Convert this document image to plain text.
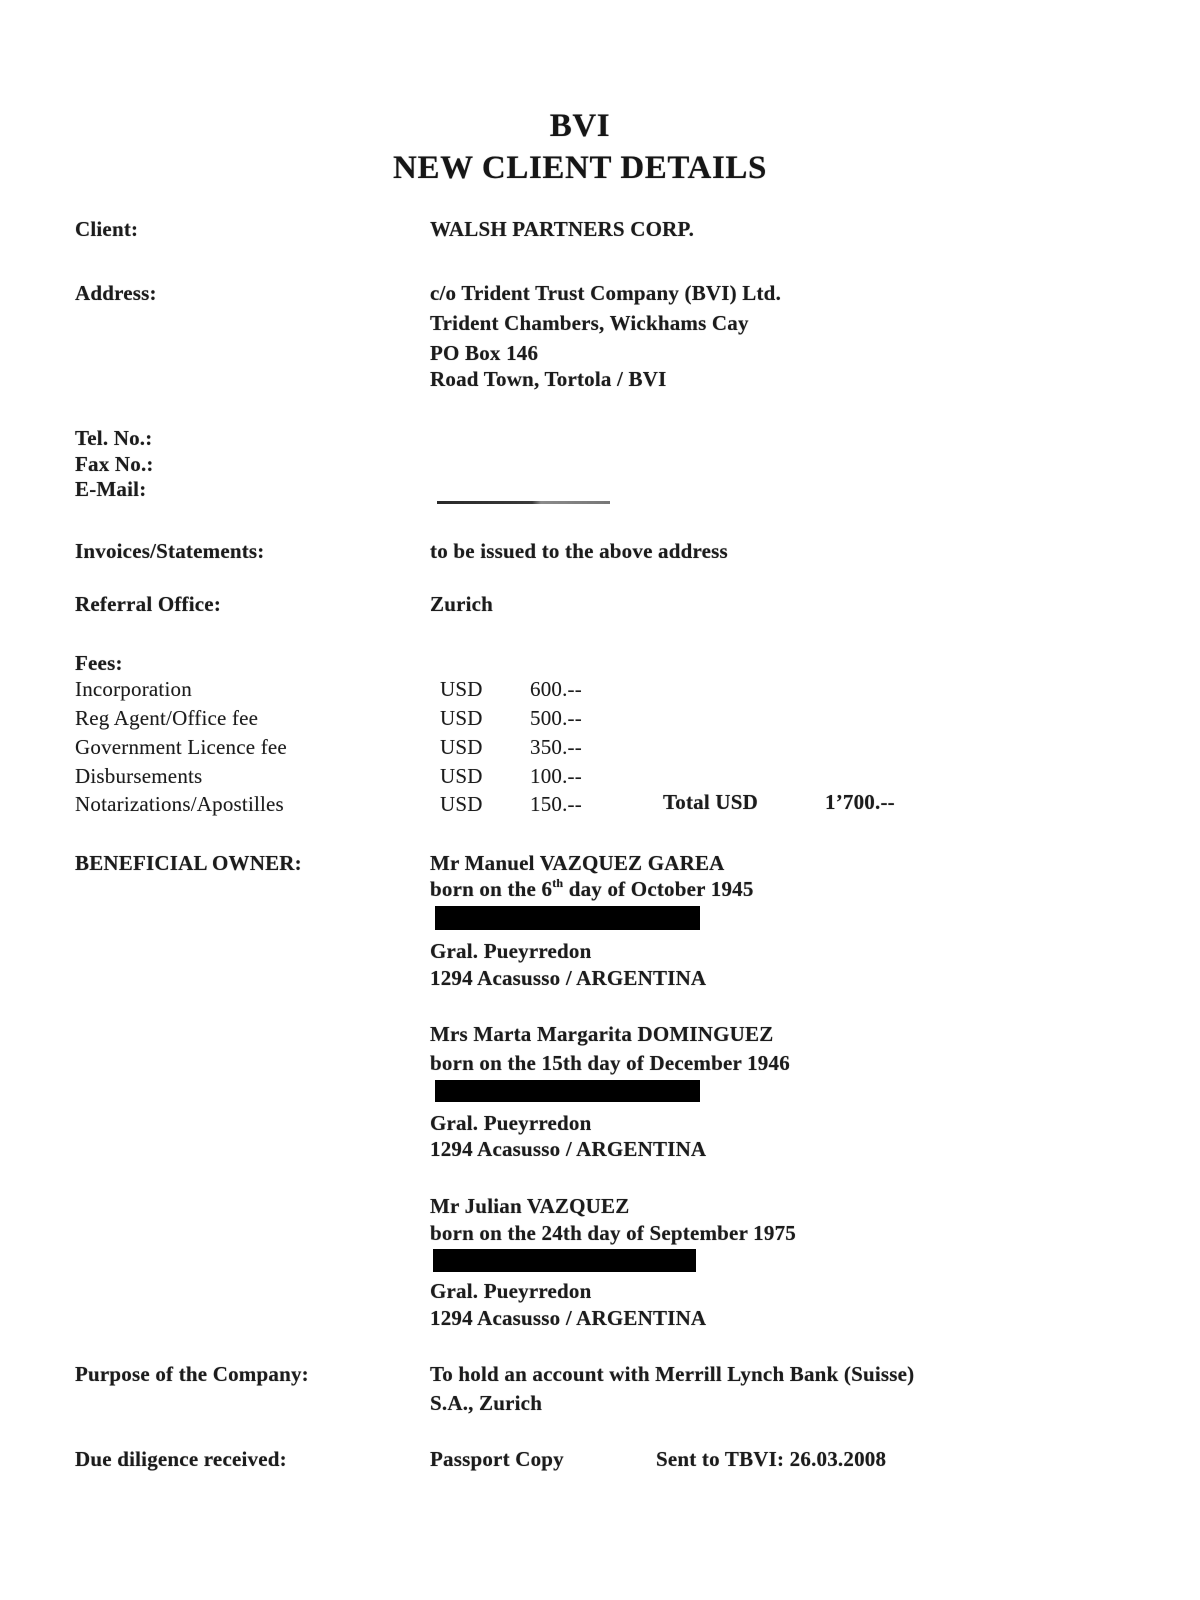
BVI
NEW CLIENT DETAILS
Client:	WALSH PARTNERS CORP.
Address:	c/o Trident Trust Company (BVI) Ltd.
Trident Chambers, Wickhams Cay
PO Box 146
Road Town, Tortola / BVI
Tel. No.:
Fax No.:
E-Mail:
Invoices/Statements:	to be issued to the above address
Referral Office:	Zurich
Fees:
Incorporation	USD 600.--
Reg Agent/Office fee	USD 500.--
Government Licence fee	USD 350.--
Disbursements	USD 100.--
Notarizations/Apostilles	USD 150.--	Total USD	1’700.--
BENEFICIAL OWNER:	Mr Manuel VAZQUEZ GAREA
born on the 6th day of October 1945
Gral. Pueyrredon
1294 Acasusso / ARGENTINA
Mrs Marta Margarita DOMINGUEZ
born on the 15th day of December 1946
Gral. Pueyrredon
1294 Acasusso / ARGENTINA
Mr Julian VAZQUEZ
born on the 24th day of September 1975
Gral. Pueyrredon
1294 Acasusso / ARGENTINA
Purpose of the Company:	To hold an account with Merrill Lynch Bank (Suisse)
S.A., Zurich
Due diligence received:	Passport Copy	Sent to TBVI: 26.03.2008
